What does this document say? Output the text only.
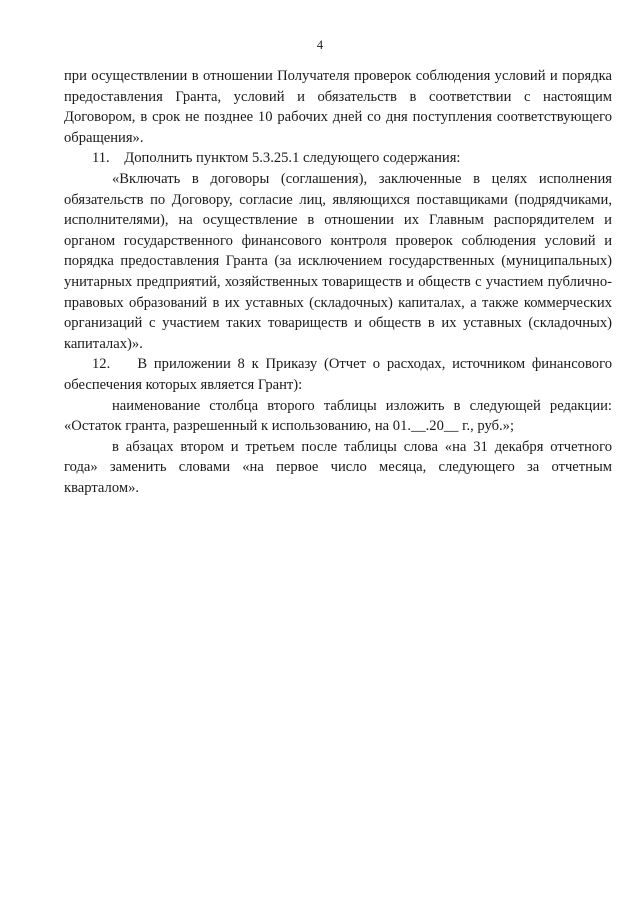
4

при осуществлении в отношении Получателя проверок соблюдения условий и порядка предоставления Гранта, условий и обязательств в соответствии с настоящим Договором, в срок не позднее 10 рабочих дней со дня поступления соответствующего обращения».

11.    Дополнить пунктом 5.3.25.1 следующего содержания:

«Включать в договоры (соглашения), заключенные в целях исполнения обязательств по Договору, согласие лиц, являющихся поставщиками (подрядчиками, исполнителями), на осуществление в отношении их Главным распорядителем и органом государственного финансового контроля проверок соблюдения условий и порядка предоставления Гранта (за исключением государственных (муниципальных) унитарных предприятий, хозяйственных товариществ и обществ с участием публично-правовых образований в их уставных (складочных) капиталах, а также коммерческих организаций с участием таких товариществ и обществ в их уставных (складочных) капиталах)».

12.    В приложении 8 к Приказу (Отчет о расходах, источником финансового обеспечения которых является Грант):

наименование столбца второго таблицы изложить в следующей редакции: «Остаток гранта, разрешенный к использованию, на 01.__.20__ г., руб.»;

в абзацах втором и третьем после таблицы слова «на 31 декабря отчетного года» заменить словами «на первое число месяца, следующего за отчетным кварталом».
